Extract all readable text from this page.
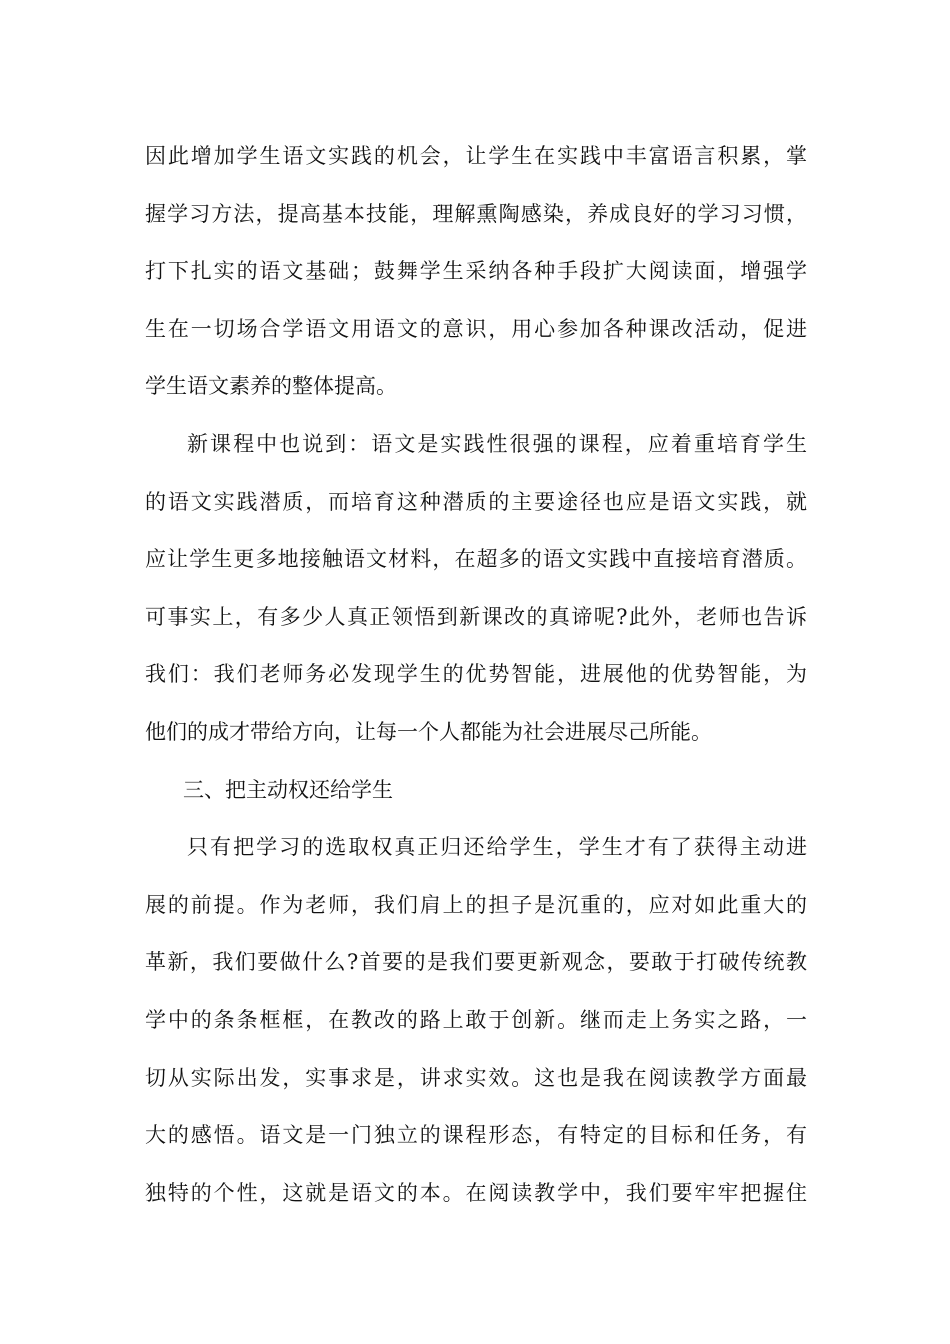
因此增加学生语文实践的机会，让学生在实践中丰富语言积累，掌
握学习方法，提高基本技能，理解熏陶感染，养成良好的学习习惯，
打下扎实的语文基础；鼓舞学生采纳各种手段扩大阅读面，增强学
生在一切场合学语文用语文的意识，用心参加各种课改活动，促进
学生语文素养的整体提高。
新课程中也说到：语文是实践性很强的课程，应着重培育学生
的语文实践潜质，而培育这种潜质的主要途径也应是语文实践，就
应让学生更多地接触语文材料，在超多的语文实践中直接培育潜质。
可事实上，有多少人真正领悟到新课改的真谛呢?此外，老师也告诉
我们：我们老师务必发现学生的优势智能，进展他的优势智能，为
他们的成才带给方向，让每一个人都能为社会进展尽己所能。
三、把主动权还给学生
只有把学习的选取权真正归还给学生，学生才有了获得主动进
展的前提。作为老师，我们肩上的担子是沉重的，应对如此重大的
革新，我们要做什么?首要的是我们要更新观念，要敢于打破传统教
学中的条条框框，在教改的路上敢于创新。继而走上务实之路，一
切从实际出发，实事求是，讲求实效。这也是我在阅读教学方面最
大的感悟。语文是一门独立的课程形态，有特定的目标和任务，有
独特的个性，这就是语文的本。在阅读教学中，我们要牢牢把握住
